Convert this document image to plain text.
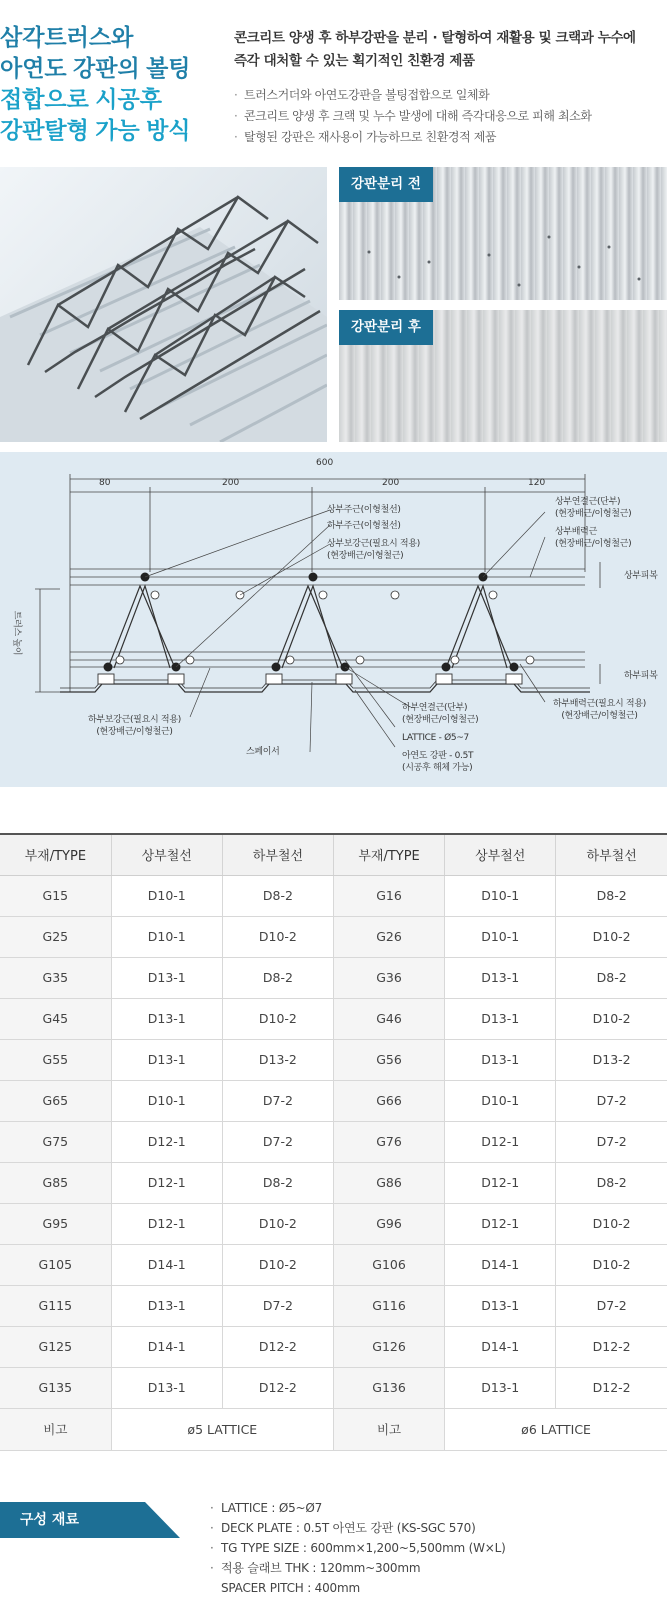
삼각트러스와
아연도 강판의 볼팅
접합으로 시공후
강판탈형 가능 방식

콘크리트 양생 후 하부강판을 분리 · 탈형하여 재활용 및 크랙과 누수에
즉각 대처할 수 있는 획기적인 친환경 제품

· 트러스거더와 아연도강판을 볼팅접합으로 일체화
· 콘크리트 양생 후 크랙 및 누수 발생에 대해 즉각대응으로 피해 최소화
· 탈형된 강판은 재사용이 가능하므로 친환경적 제품
강판분리 전
강판분리 후
600
80	200	200	120
상부주근(이형철선)
하부주근(이형철선)
상부보강근(필요시 적용)
(현장배근/이형철근)
상부연결근(단부)
(현장배근/이형철근)
상부배력근
(현장배근/이형철근)
상부피복
하부피복
트러스 높이
하부보강근(필요시 적용)
(현장배근/이형철근)
스페이서
하부연결근(단부)
(현장배근/이형철근)
LATTICE - Ø5~7
아연도 강판 - 0.5T
(시공후 해체 가능)
하부배력근(필요시 적용)
(현장배근/이형철근)
부재/TYPE	상부철선	하부철선	부재/TYPE	상부철선	하부철선
G15	D10-1	D8-2	G16	D10-1	D8-2
G25	D10-1	D10-2	G26	D10-1	D10-2
G35	D13-1	D8-2	G36	D13-1	D8-2
G45	D13-1	D10-2	G46	D13-1	D10-2
G55	D13-1	D13-2	G56	D13-1	D13-2
G65	D10-1	D7-2	G66	D10-1	D7-2
G75	D12-1	D7-2	G76	D12-1	D7-2
G85	D12-1	D8-2	G86	D12-1	D8-2
G95	D12-1	D10-2	G96	D12-1	D10-2
G105	D14-1	D10-2	G106	D14-1	D10-2
G115	D13-1	D7-2	G116	D13-1	D7-2
G125	D14-1	D12-2	G126	D14-1	D12-2
G135	D13-1	D12-2	G136	D13-1	D12-2
비고	ø5 LATTICE		비고	ø6 LATTICE	
구성 재료
· LATTICE : Ø5~Ø7
· DECK PLATE : 0.5T 아연도 강판 (KS-SGC 570)
· TG TYPE SIZE : 600mm×1,200~5,500mm (W×L)
· 적용 슬래브 THK : 120mm~300mm
SPACER PITCH : 400mm
